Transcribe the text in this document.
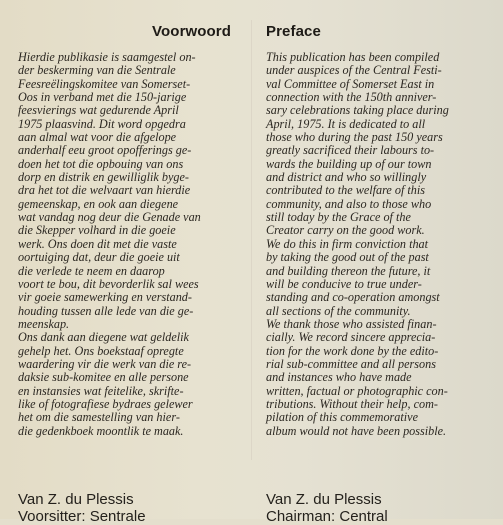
Voorwoord

Hierdie publikasie is saamgestel on-
der beskerming van die Sentrale
Feesreëlingskomitee van Somerset-
Oos in verband met die 150-jarige
feesvierings wat gedurende April
1975 plaasvind. Dit word opgedra
aan almal wat voor die afgelope
anderhalf eeu groot opofferings ge-
doen het tot die opbouing van ons
dorp en distrik en gewilliglik byge-
dra het tot die welvaart van hierdie
gemeenskap, en ook aan diegene
wat vandag nog deur die Genade van
die Skepper volhard in die goeie
werk. Ons doen dit met die vaste
oortuiging dat, deur die goeie uit
die verlede te neem en daarop
voort te bou, dit bevorderlik sal wees
vir goeie samewerking en verstand-
houding tussen alle lede van die ge-
meenskap.
Ons dank aan diegene wat geldelik
gehelp het. Ons boekstaaf opregte
waardering vir die werk van die re-
daksie sub-komitee en alle persone
en instansies wat feitelike, skrifte-
like of fotografiese bydraes gelewer
het om die samestelling van hier-
die gedenkboek moontlik te maak.

Van Z. du Plessis
Voorsitter: Sentrale

Preface

This publication has been compiled
under auspices of the Central Festi-
val Committee of Somerset East in
connection with the 150th anniver-
sary celebrations taking place during
April, 1975. It is dedicated to all
those who during the past 150 years
greatly sacrificed their labours to-
wards the building up of our town
and district and who so willingly
contributed to the welfare of this
community, and also to those who
still today by the Grace of the
Creator carry on the good work.
We do this in firm conviction that
by taking the good out of the past
and building thereon the future, it
will be conducive to true under-
standing and co-operation amongst
all sections of the community.
We thank those who assisted finan-
cially. We record sincere apprecia-
tion for the work done by the edito-
rial sub-committee and all persons
and instances who have made
written, factual or photographic con-
tributions. Without their help, com-
pilation of this commemorative
album would not have been possible.

Van Z. du Plessis
Chairman: Central
